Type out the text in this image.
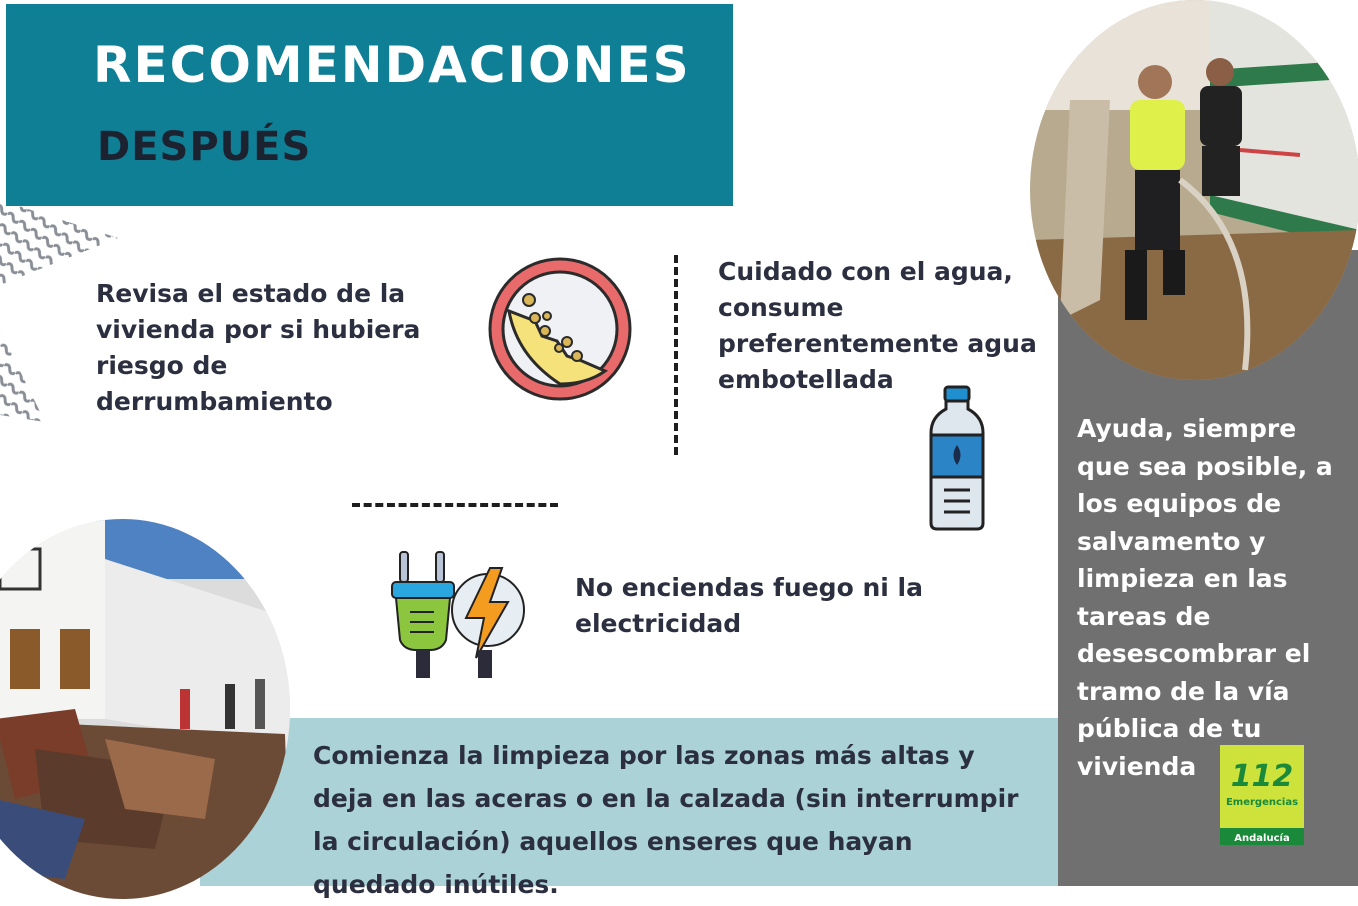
RECOMENDACIONES
DESPUÉS
Ayuda, siempre que sea posible, a los equipos de salvamento y limpieza en las tareas de desescombrar el tramo de la vía pública de tu vivienda	112
Emergencias
Andalucía
Comienza la limpieza por las zonas más altas y deja en las aceras o en la calzada (sin interrumpir la circulación) aquellos enseres que hayan quedado inútiles.
Revisa el estado de la vivienda por si hubiera riesgo de derrumbamiento
Cuidado con el agua, consume preferentemente agua embotellada
No enciendas fuego ni la electricidad
